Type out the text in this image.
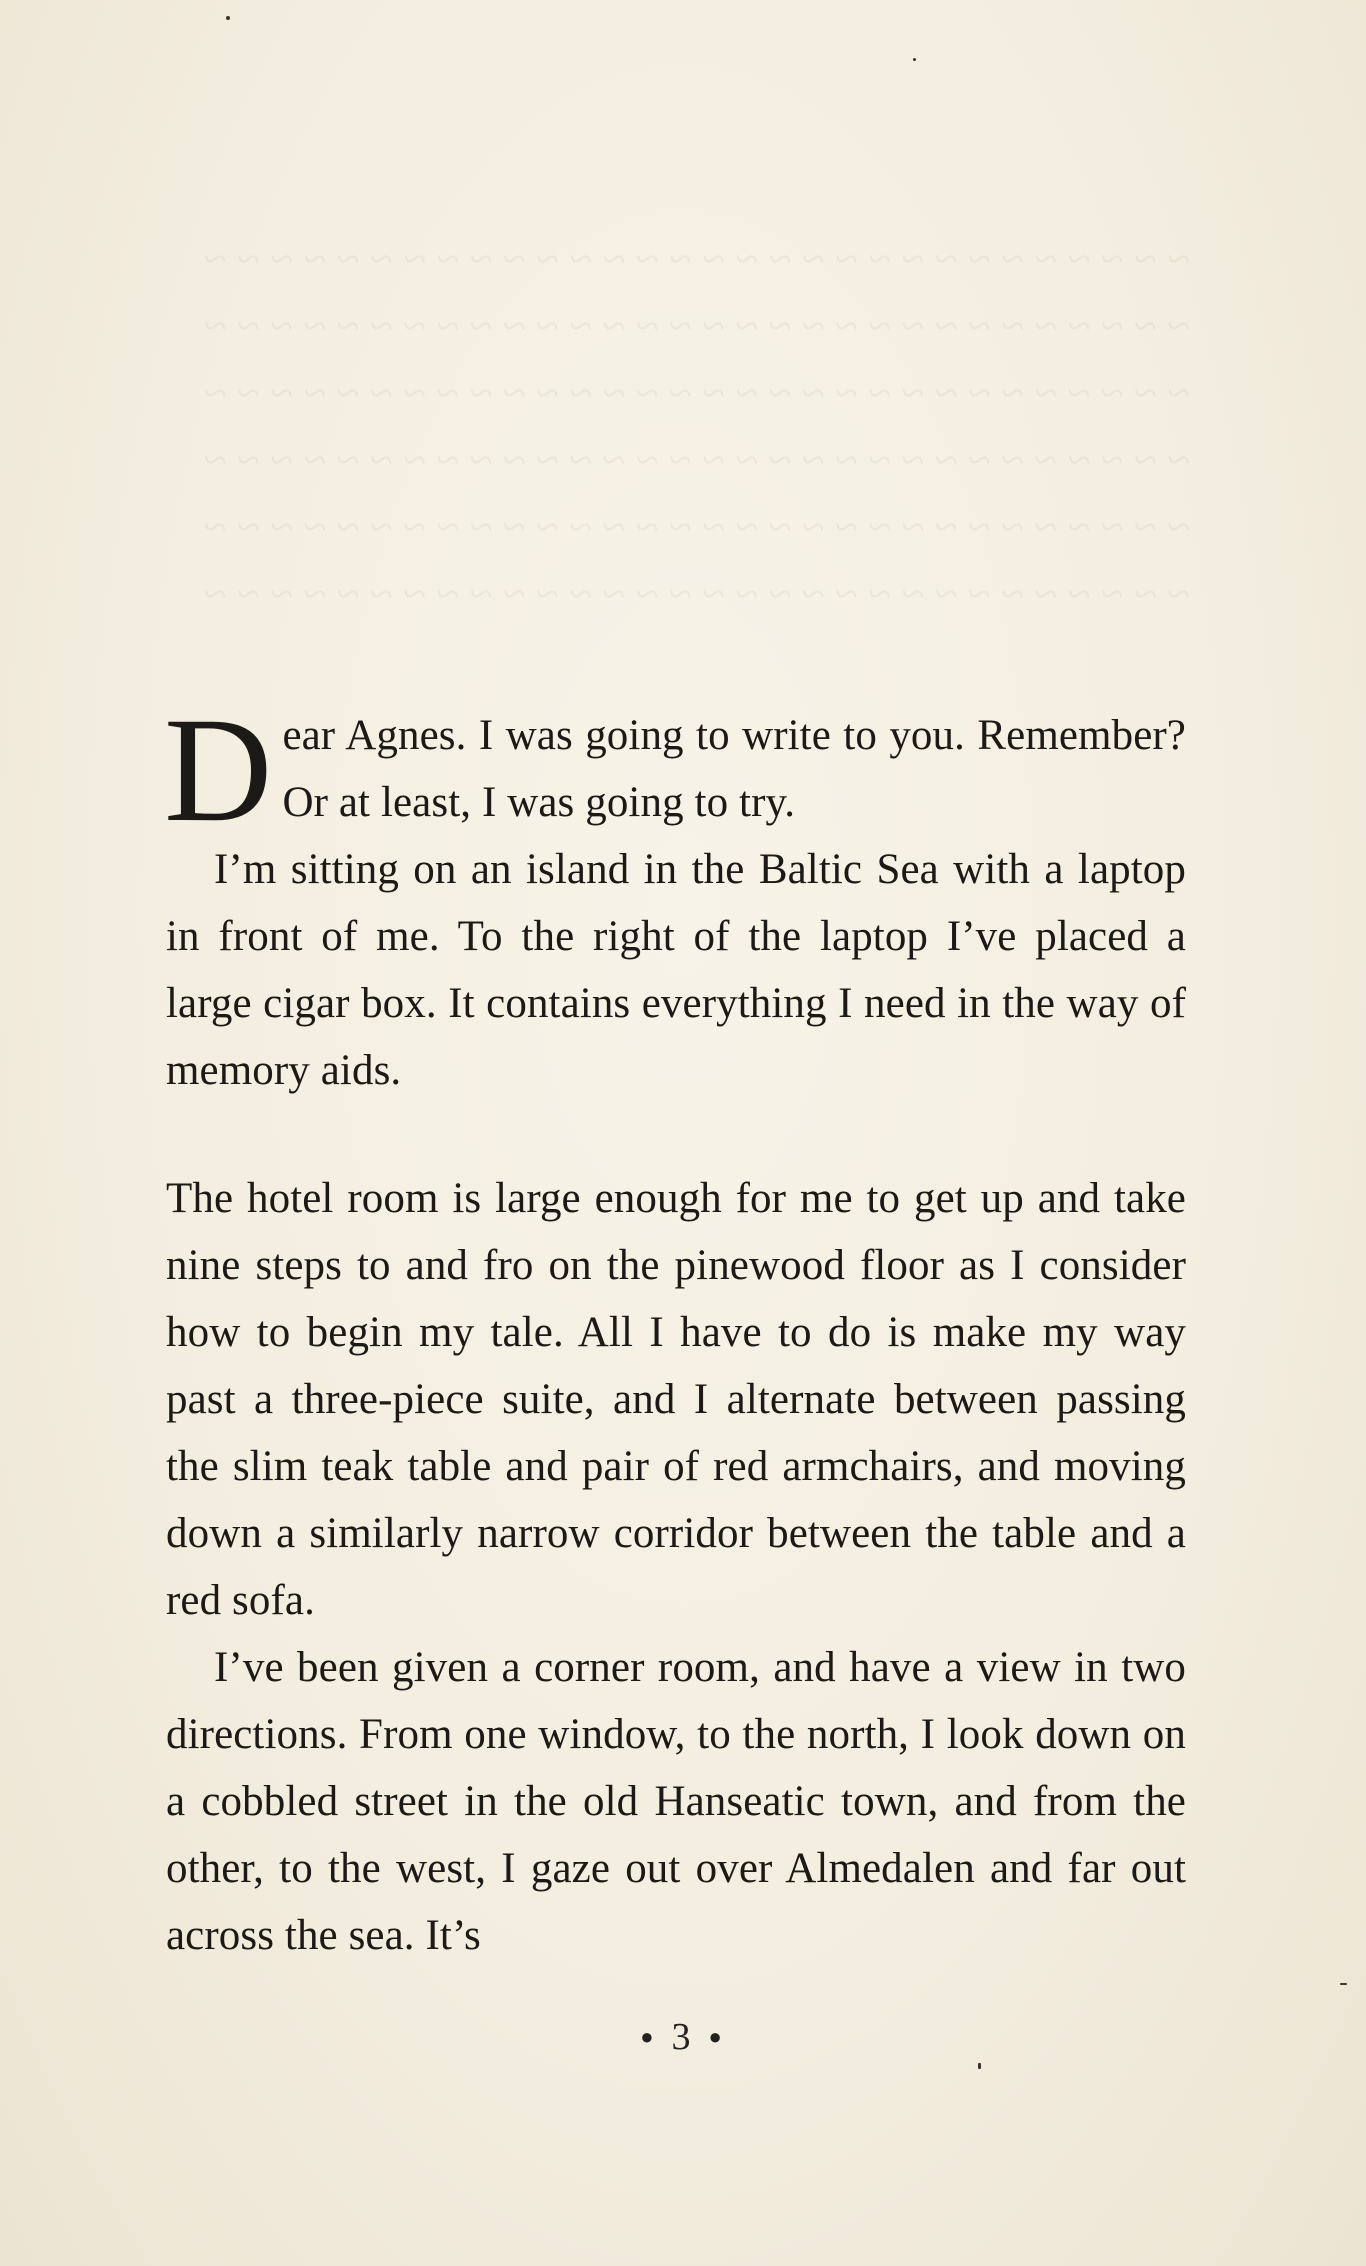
~ ~ ~ ~ ~ ~ ~ ~ ~ ~ ~ ~ ~ ~ ~ ~ ~ ~ ~ ~ ~ ~ ~ ~ ~ ~ ~ ~ ~ ~
~ ~ ~ ~ ~ ~ ~ ~ ~ ~ ~ ~ ~ ~ ~ ~ ~ ~ ~ ~ ~ ~ ~ ~ ~ ~ ~ ~ ~ ~
~ ~ ~ ~ ~ ~ ~ ~ ~ ~ ~ ~ ~ ~ ~ ~ ~ ~ ~ ~ ~ ~ ~ ~ ~ ~ ~ ~ ~ ~
~ ~ ~ ~ ~ ~ ~ ~ ~ ~ ~ ~ ~ ~ ~ ~ ~ ~ ~ ~ ~ ~ ~ ~ ~ ~ ~ ~ ~ ~
~ ~ ~ ~ ~ ~ ~ ~ ~ ~ ~ ~ ~ ~ ~ ~ ~ ~ ~ ~ ~ ~ ~ ~ ~ ~ ~ ~ ~ ~
~ ~ ~ ~ ~ ~ ~ ~ ~ ~ ~ ~ ~ ~ ~ ~ ~ ~ ~ ~ ~ ~ ~ ~ ~ ~ ~ ~ ~ ~

Dear Agnes. I was going to write to you. Remember? Or at least, I was going to try.

I’m sitting on an island in the Baltic Sea with a laptop in front of me. To the right of the laptop I’ve placed a large cigar box. It contains everything I need in the way of memory aids.

The hotel room is large enough for me to get up and take nine steps to and fro on the pinewood floor as I consider how to begin my tale. All I have to do is make my way past a three-piece suite, and I alternate between passing the slim teak table and pair of red armchairs, and moving down a similarly narrow corridor between the table and a red sofa.

I’ve been given a corner room, and have a view in two directions. From one window, to the north, I look down on a cobbled street in the old Hanseatic town, and from the other, to the west, I gaze out over Almedalen and far out across the sea. It’s

● 3 ●
